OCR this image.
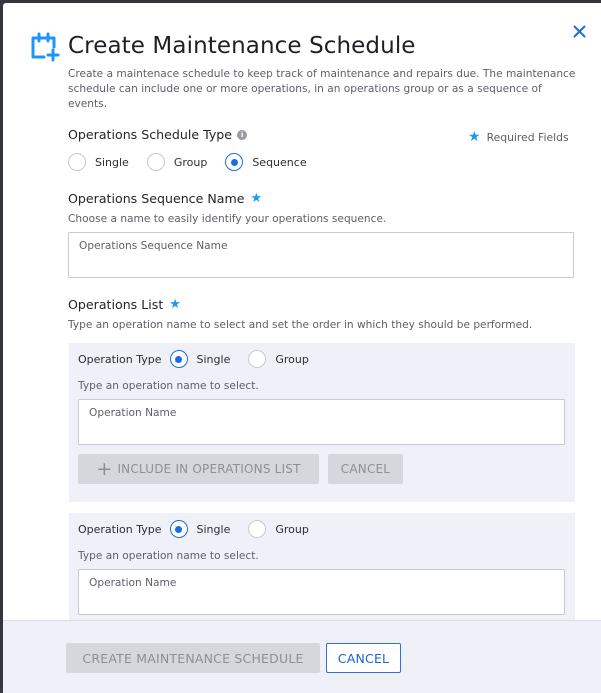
Create Maintenance Schedule
Create a maintenace schedule to keep track of maintenance and repairs due. The maintenance schedule can include one or more operations, in an operations group or as a sequence of events.
Operations Schedule Type	i	★ Required Fields
Single	Group	Sequence
Operations Sequence Name ★
Choose a name to easily identify your operations sequence.
Operations Sequence Name
Operations List ★
Type an operation name to select and set the order in which they should be performed.
Operation Type	Single	Group
Type an operation name to select.
Operation Name
+ INCLUDE IN OPERATIONS LIST	CANCEL
Operation Type	Single	Group
Type an operation name to select.
Operation Name
CREATE MAINTENANCE SCHEDULE	CANCEL
